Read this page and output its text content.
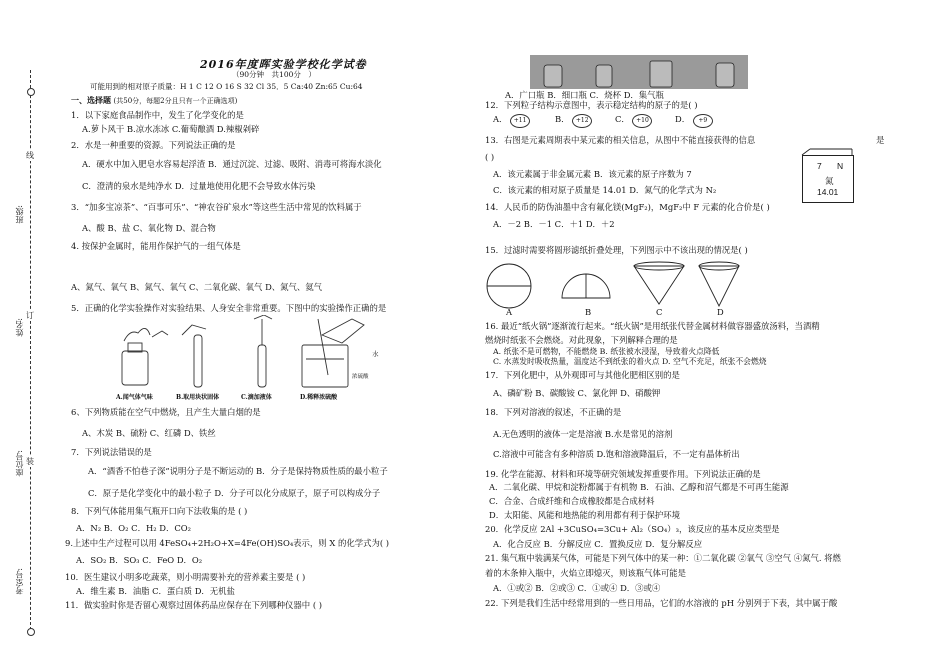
班级:
姓名:
座位号:
考室号:
线
订
装
2016年度晖实验学校化学试卷
（90分钟　共100分　）
可能用到的相对原子质量：H 1 C 12 O 16 S 32 Cl 35．5 Ca:40 Zn:65 Cu:64
一、选择题 (共50分，每题2分且只有一个正确选项)
1．以下家庭食品制作中，发生了化学变化的是
A.萝卜风干 B.凉水冻冰 C.葡萄酿酒 D.辣椒剁碎
2．水是一种重要的资源。下列说法正确的是
A．硬水中加入肥皂水容易起浮渣 B．通过沉淀、过滤、吸附、消毒可将海水淡化
C．澄清的泉水是纯净水 D．过量地使用化肥不会导致水体污染
3．“加多宝凉茶”、“百事可乐”、“神农谷矿泉水”等这些生活中常见的饮料属于
A、酸 B、盐 C、氧化物 D、混合物
4. 按保护金属时，能用作保护气的一组气体是
A、氮气、氧气 B、氮气、氧气 C、二氧化碳、氧气 D、氮气、氦气
5．正确的化学实验操作对实验结果、人身安全非常重要。下图中的实验操作正确的是
A.闻气体气味	B.取用块状固体	C.滴加液体	D.稀释浓硫酸
水
浓硫酸
6、下列物质能在空气中燃烧，且产生大量白烟的是
A、木炭 B、硫粉 C、红磷 D、铁丝
7．下列说法错误的是
A．“酒香不怕巷子深”说明分子是不断运动的 B．分子是保持物质性质的最小粒子
C．原子是化学变化中的最小粒子 D．分子可以化分成原子，原子可以构成分子
8．下列气体能用集气瓶开口向下法收集的是 ( )
A．N₂ B．O₂ C．H₂ D．CO₂
9.上述中生产过程可以用 4FeSO₄+2H₂O+X=4Fe(OH)SO₄表示，则 X 的化学式为( )
A．SO₂ B．SO₃ C．FeO D．O₂
10．医生建议小明多吃蔬菜，则小明需要补充的营养素主要是 ( )
A．维生素 B．油脂 C．蛋白质 D．无机盐
11．做实验时你是否留心观察过固体药品应保存在下列哪种仪器中 ( )
A．广口瓶 B．细口瓶 C．烧杯 D．集气瓶
12．下列粒子结构示意图中，表示稳定结构的原子的是( )
A． +11	B． +12	C． +10	D． +9
13．右图是元素周期表中某元素的相关信息，从图中不能直接获得的信息	是
( )
A．该元素属于非金属元素 B．该元素的原子序数为 7
C．该元素的相对原子质量是 14.01 D．氮气的化学式为 N₂
7 N
氮
14.01
14．人民币的防伪油墨中含有氟化镁(MgF₂)，MgF₂中 F 元素的化合价是( )
A．－2 B．－1 C．＋1 D．＋2
15．过滤时需要将圆形滤纸折叠处理，下列图示中不该出现的情况是( )
A	B	C	D
16. 最近“纸火锅”逐渐流行起来。“纸火锅”是用纸张代替金属材料做容器盛放汤料，当酒精
燃烧时纸张不会燃烧。对此现象，下列解释合理的是
A. 纸张不是可燃物，不能燃烧 B. 纸张被水浸湿，导致着火点降低
C. 水蒸发时吸收热量，温度达不到纸张的着火点 D. 空气不充足，纸张不会燃烧
17．下列化肥中，从外观即可与其他化肥相区别的是
A、磷矿粉 B、碳酸铵 C、氯化钾 D、硝酸钾
18．下列对溶液的叙述，不正确的是
A.无色透明的液体一定是溶液 B.水是常见的溶剂
C.溶液中可能含有多种溶质 D.饱和溶液降温后，不一定有晶体析出
19. 化学在能源、材料和环境等研究领域发挥重要作用。下列说法正确的是
A．二氧化碳、甲烷和淀粉都属于有机物 B．石油、乙醇和沼气都是不可再生能源
C．合金、合成纤维和合成橡胶都是合成材料
D．太阳能、风能和地热能的利用都有利于保护环境
20．化学反应 2Al +3CuSO₄=3Cu+ Al₂（SO₄）₃，该反应的基本反应类型是
A．化合反应 B．分解反应 C．置换反应 D．复分解反应
21. 集气瓶中装满某气体，可能是下列气体中的某一种：①二氧化碳 ②氧气 ③空气 ④氮气. 将燃
着的木条伸入瓶中，火焰立即熄灭，则该瓶气体可能是
A．①或② B．②或③ C．①或④ D．③或④
22. 下列是我们生活中经常用到的一些日用品，它们的水溶液的 pH 分别列于下表，其中属于酸
